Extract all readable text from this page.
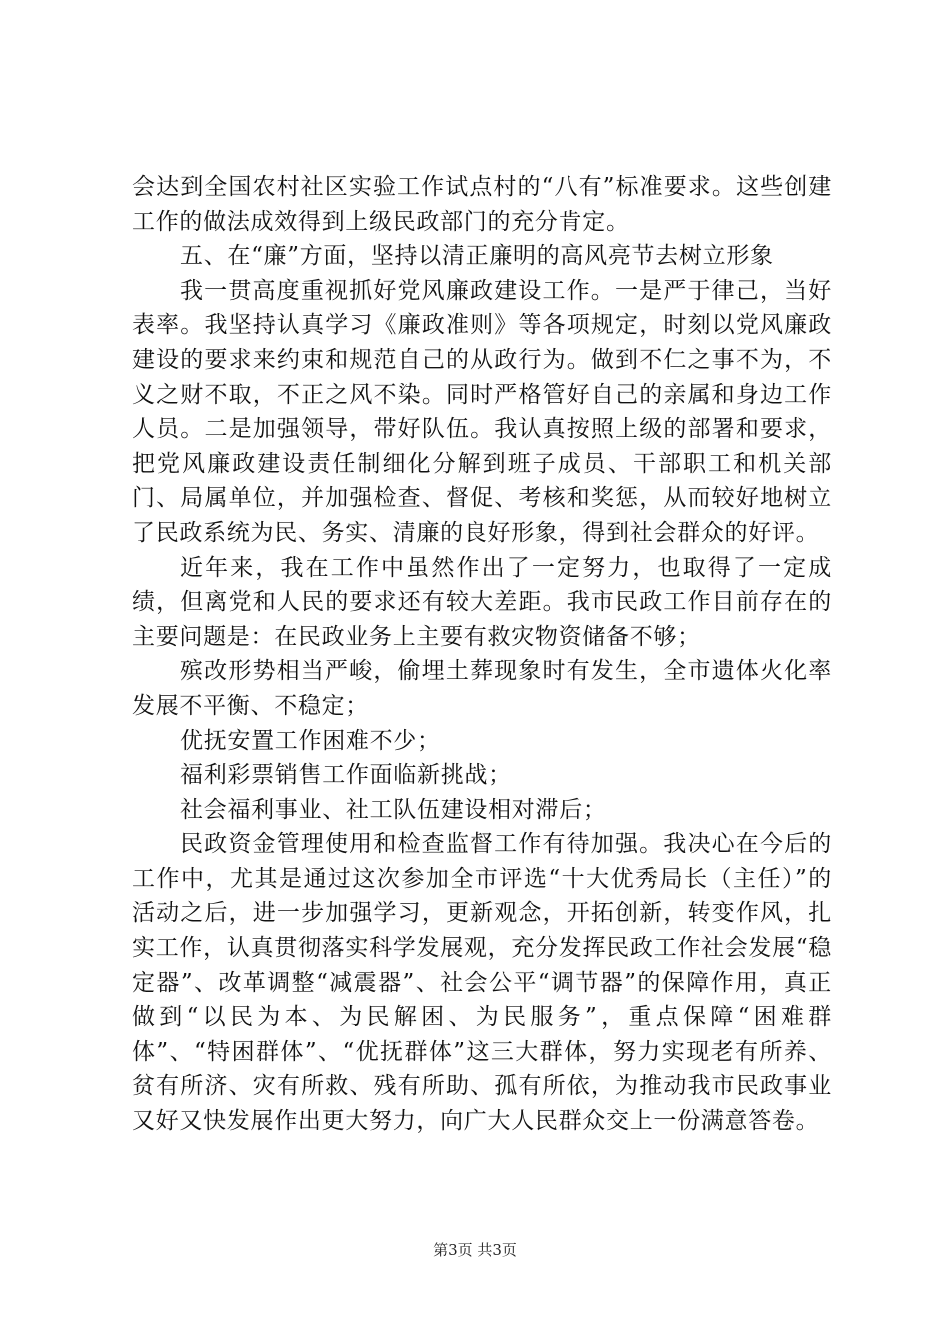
会达到全国农村社区实验工作试点村的“八有”标准要求。这些创建工作的做法成效得到上级民政部门的充分肯定。

五、在“廉”方面，坚持以清正廉明的高风亮节去树立形象

我一贯高度重视抓好党风廉政建设工作。一是严于律己，当好表率。我坚持认真学习《廉政准则》等各项规定，时刻以党风廉政建设的要求来约束和规范自己的从政行为。做到不仁之事不为，不义之财不取，不正之风不染。同时严格管好自己的亲属和身边工作人员。二是加强领导，带好队伍。我认真按照上级的部署和要求，把党风廉政建设责任制细化分解到班子成员、干部职工和机关部门、局属单位，并加强检查、督促、考核和奖惩，从而较好地树立了民政系统为民、务实、清廉的良好形象，得到社会群众的好评。

近年来，我在工作中虽然作出了一定努力，也取得了一定成绩，但离党和人民的要求还有较大差距。我市民政工作目前存在的主要问题是：在民政业务上主要有救灾物资储备不够；

殡改形势相当严峻，偷埋土葬现象时有发生，全市遗体火化率发展不平衡、不稳定；

优抚安置工作困难不少；

福利彩票销售工作面临新挑战；

社会福利事业、社工队伍建设相对滞后；

民政资金管理使用和检查监督工作有待加强。我决心在今后的工作中，尤其是通过这次参加全市评选“十大优秀局长（主任）”的活动之后，进一步加强学习，更新观念，开拓创新，转变作风，扎实工作，认真贯彻落实科学发展观，充分发挥民政工作社会发展“稳定器”、改革调整“减震器”、社会公平“调节器”的保障作用，真正做到“以民为本、为民解困、为民服务”，重点保障“困难群体”、“特困群体”、“优抚群体”这三大群体，努力实现老有所养、贫有所济、灾有所救、残有所助、孤有所依，为推动我市民政事业又好又快发展作出更大努力，向广大人民群众交上一份满意答卷。

第3页 共3页
